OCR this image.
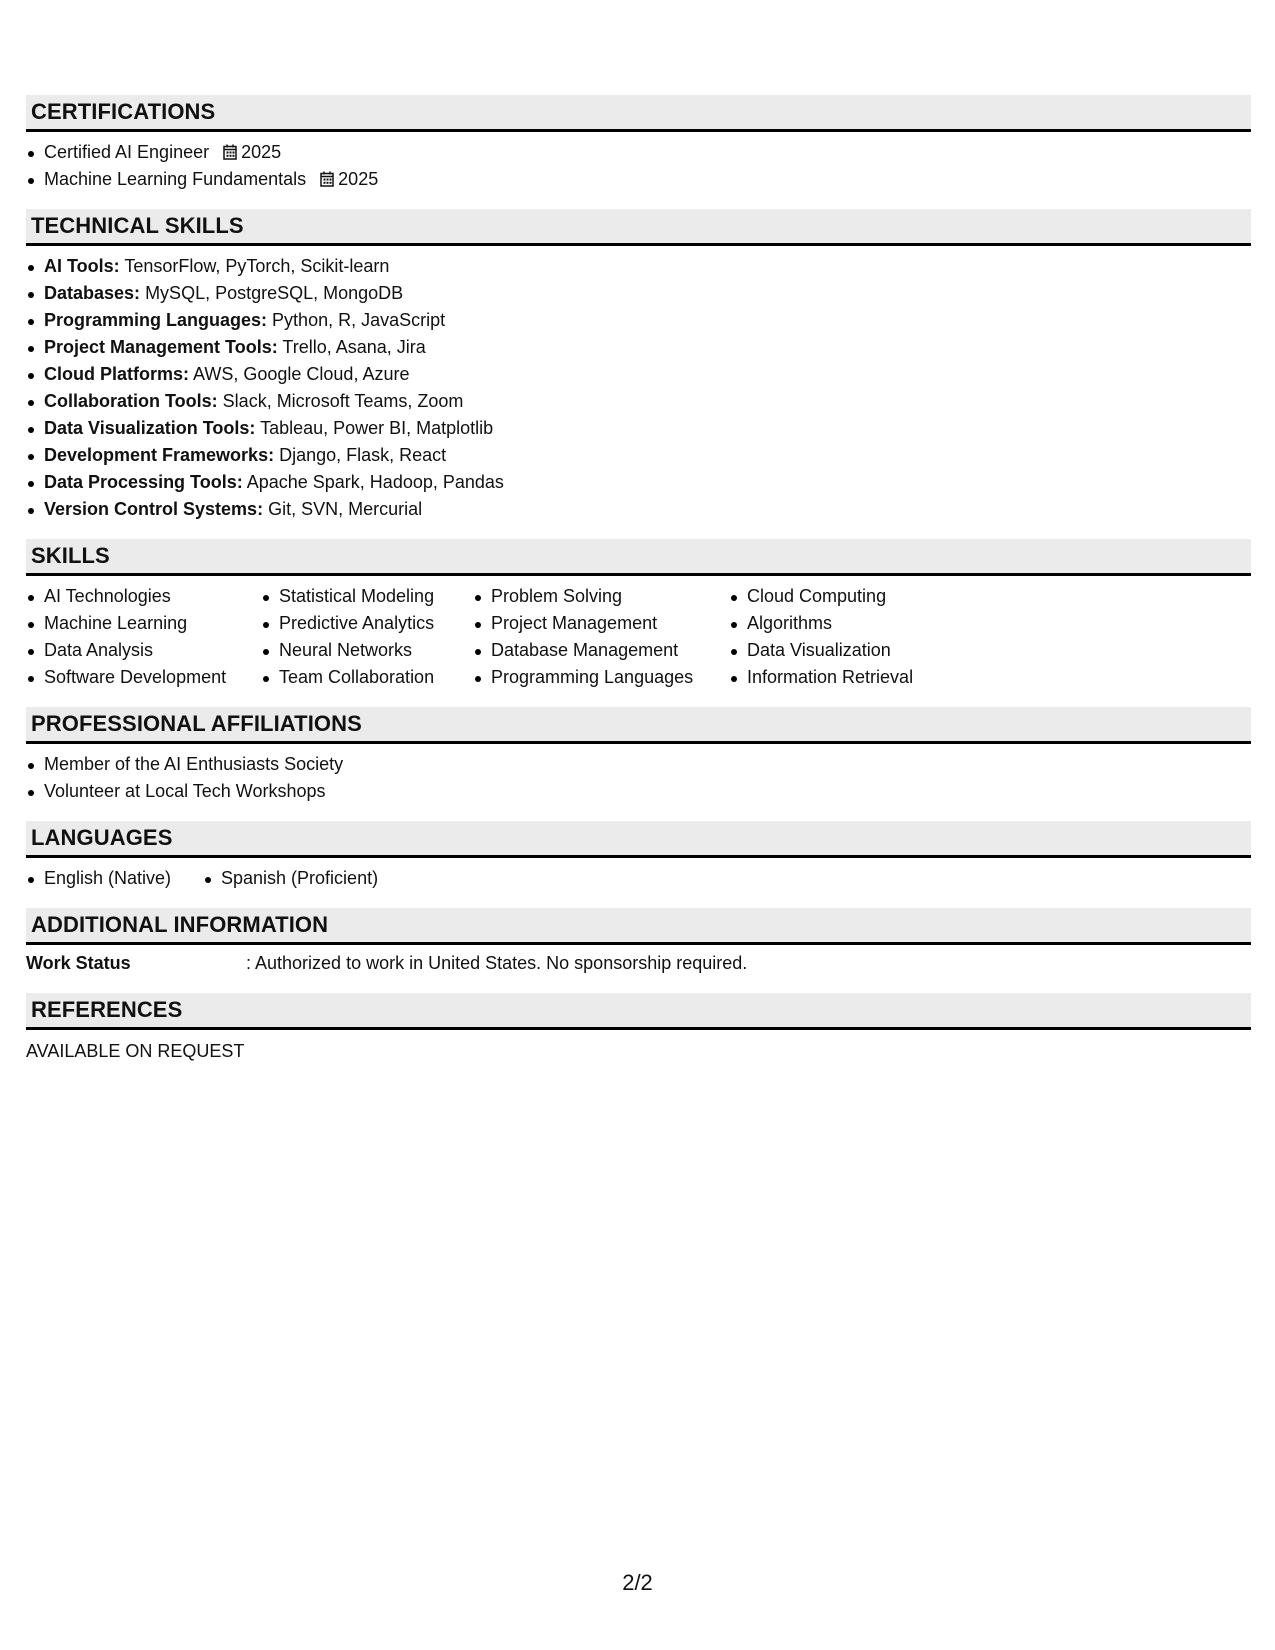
CERTIFICATIONS
Certified AI Engineer 2025
Machine Learning Fundamentals 2025
TECHNICAL SKILLS
AI Tools: TensorFlow, PyTorch, Scikit-learn
Databases: MySQL, PostgreSQL, MongoDB
Programming Languages: Python, R, JavaScript
Project Management Tools: Trello, Asana, Jira
Cloud Platforms: AWS, Google Cloud, Azure
Collaboration Tools: Slack, Microsoft Teams, Zoom
Data Visualization Tools: Tableau, Power BI, Matplotlib
Development Frameworks: Django, Flask, React
Data Processing Tools: Apache Spark, Hadoop, Pandas
Version Control Systems: Git, SVN, Mercurial
SKILLS
AI Technologies
Machine Learning
Data Analysis
Software Development
Statistical Modeling
Predictive Analytics
Neural Networks
Team Collaboration
Problem Solving
Project Management
Database Management
Programming Languages
Cloud Computing
Algorithms
Data Visualization
Information Retrieval
PROFESSIONAL AFFILIATIONS
Member of the AI Enthusiasts Society
Volunteer at Local Tech Workshops
LANGUAGES
English (Native)	Spanish (Proficient)
ADDITIONAL INFORMATION
Work Status	: Authorized to work in United States. No sponsorship required.
REFERENCES
AVAILABLE ON REQUEST
2/2
